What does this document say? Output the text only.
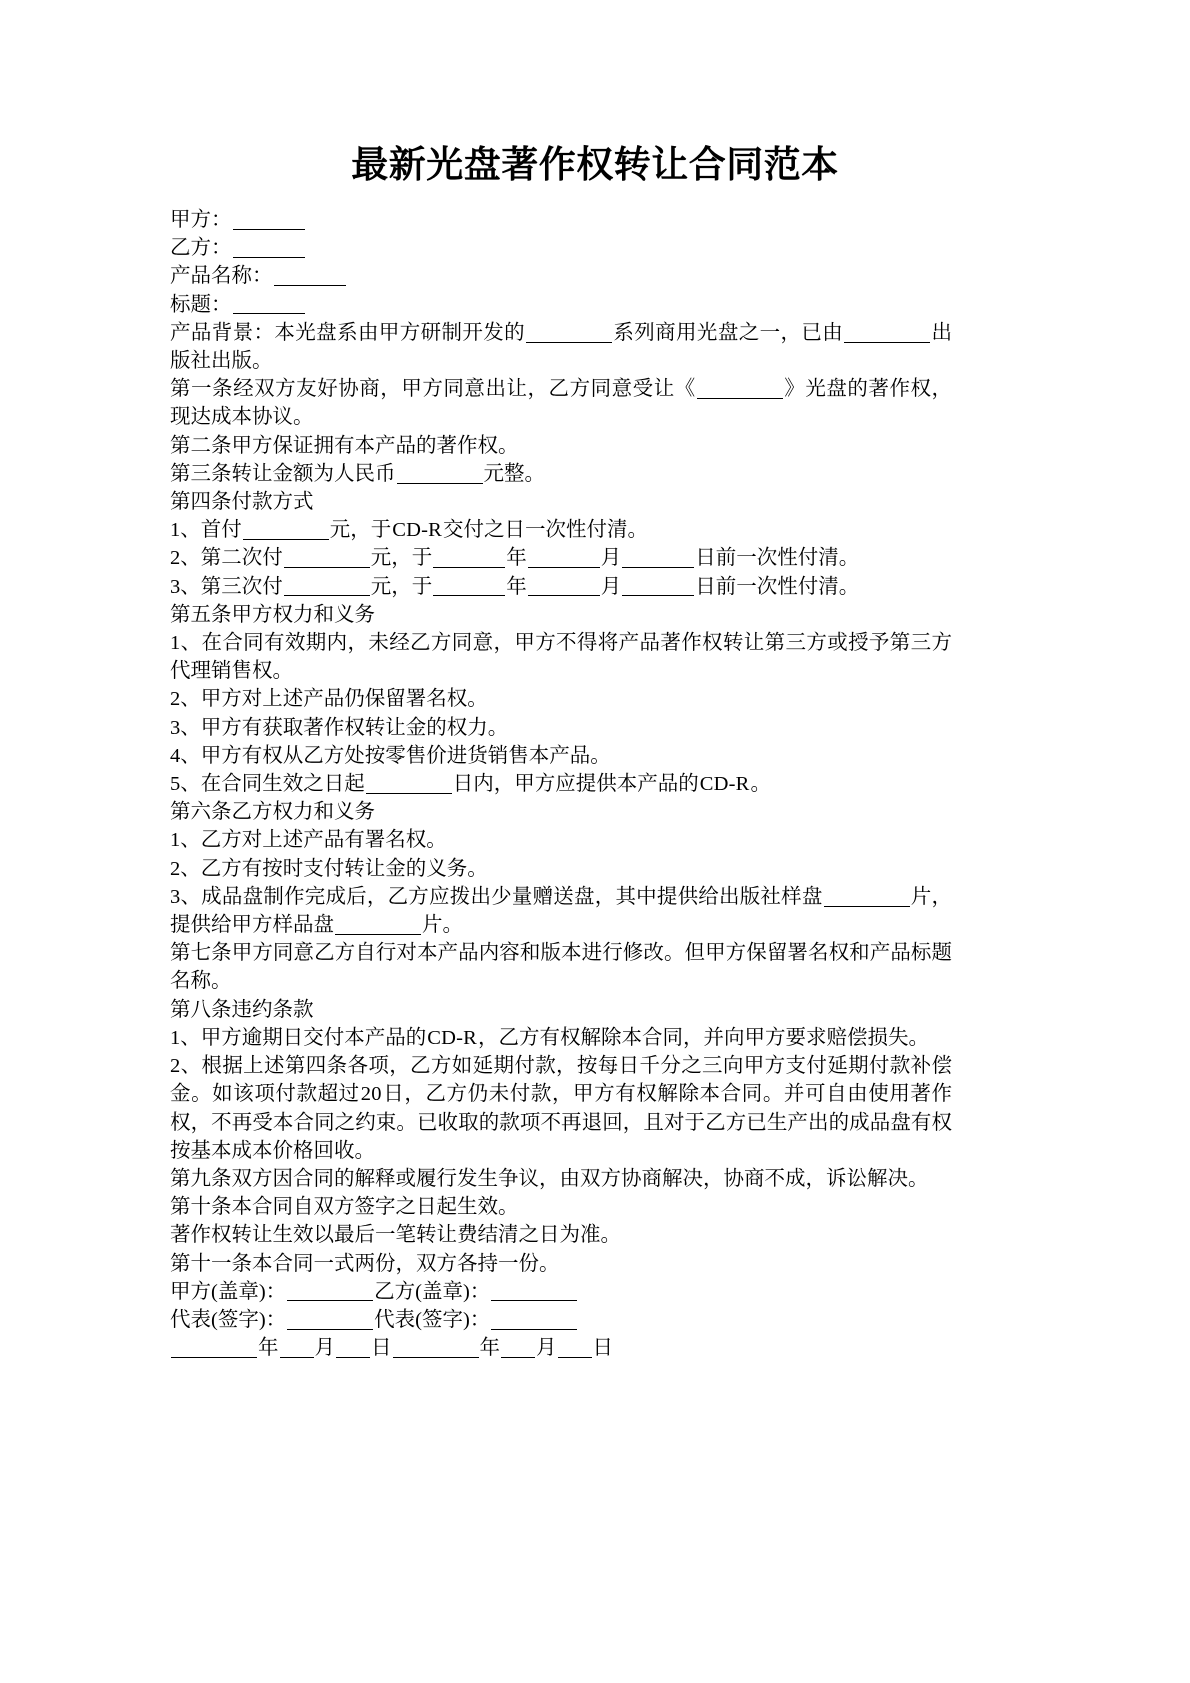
最新光盘著作权转让合同范本

甲方：

乙方：

产品名称：

标题：

产品背景：本光盘系由甲方研制开发的	系列商用光盘之一，已由	出版社出版。

第一条经双方友好协商，甲方同意出让，乙方同意受让《	》光盘的著作权，现达成本协议。

第二条甲方保证拥有本产品的著作权。

第三条转让金额为人民币	元整。

第四条付款方式

1、首付	元，于CD-R交付之日一次性付清。

2、第二次付	元，于	年	月	日前一次性付清。

3、第三次付	元，于	年	月	日前一次性付清。

第五条甲方权力和义务

1、在合同有效期内，未经乙方同意，甲方不得将产品著作权转让第三方或授予第三方代理销售权。

2、甲方对上述产品仍保留署名权。

3、甲方有获取著作权转让金的权力。

4、甲方有权从乙方处按零售价进货销售本产品。

5、在合同生效之日起	日内，甲方应提供本产品的CD-R。

第六条乙方权力和义务

1、乙方对上述产品有署名权。

2、乙方有按时支付转让金的义务。

3、成品盘制作完成后，乙方应拨出少量赠送盘，其中提供给出版社样盘	片，提供给甲方样品盘	片。

第七条甲方同意乙方自行对本产品内容和版本进行修改。但甲方保留署名权和产品标题名称。

第八条违约条款

1、甲方逾期日交付本产品的CD-R，乙方有权解除本合同，并向甲方要求赔偿损失。

2、根据上述第四条各项，乙方如延期付款，按每日千分之三向甲方支付延期付款补偿金。如该项付款超过20日，乙方仍未付款，甲方有权解除本合同。并可自由使用著作权，不再受本合同之约束。已收取的款项不再退回，且对于乙方已生产出的成品盘有权按基本成本价格回收。

第九条双方因合同的解释或履行发生争议，由双方协商解决，协商不成，诉讼解决。

第十条本合同自双方签字之日起生效。

著作权转让生效以最后一笔转让费结清之日为准。

第十一条本合同一式两份，双方各持一份。

甲方(盖章)：	乙方(盖章)：

代表(签字)：	代表(签字)：

年 月 日	年 月 日
